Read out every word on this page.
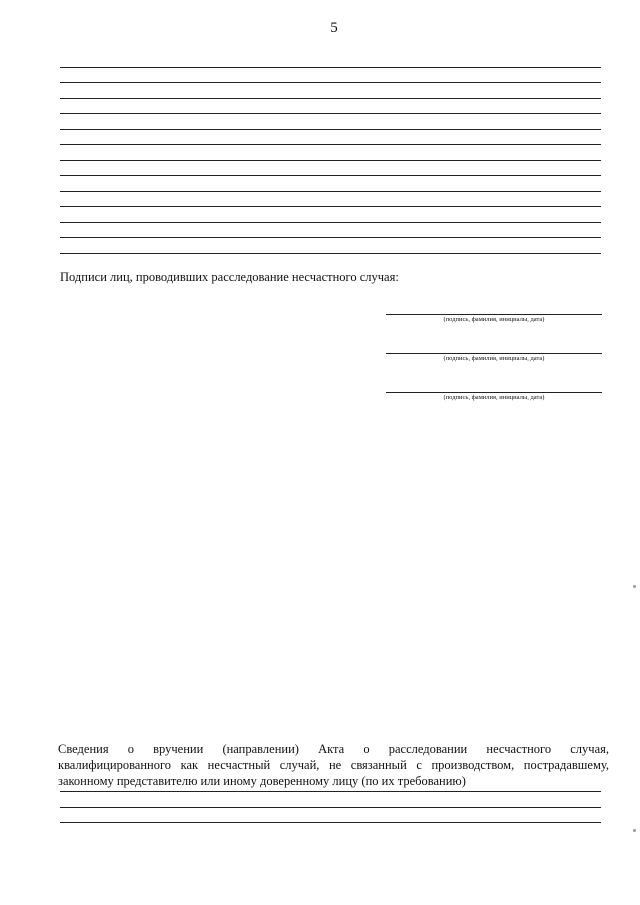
5
Подписи лиц, проводивших расследование несчастного случая:
(подпись, фамилия, инициалы, дата)
(подпись, фамилия, инициалы, дата)
(подпись, фамилия, инициалы, дата)
Сведения о вручении (направлении) Акта о расследовании несчастного случая,
квалифицированного как несчастный случай, не связанный с производством, пострадавшему,
законному представителю или иному доверенному лицу (по их требованию)
